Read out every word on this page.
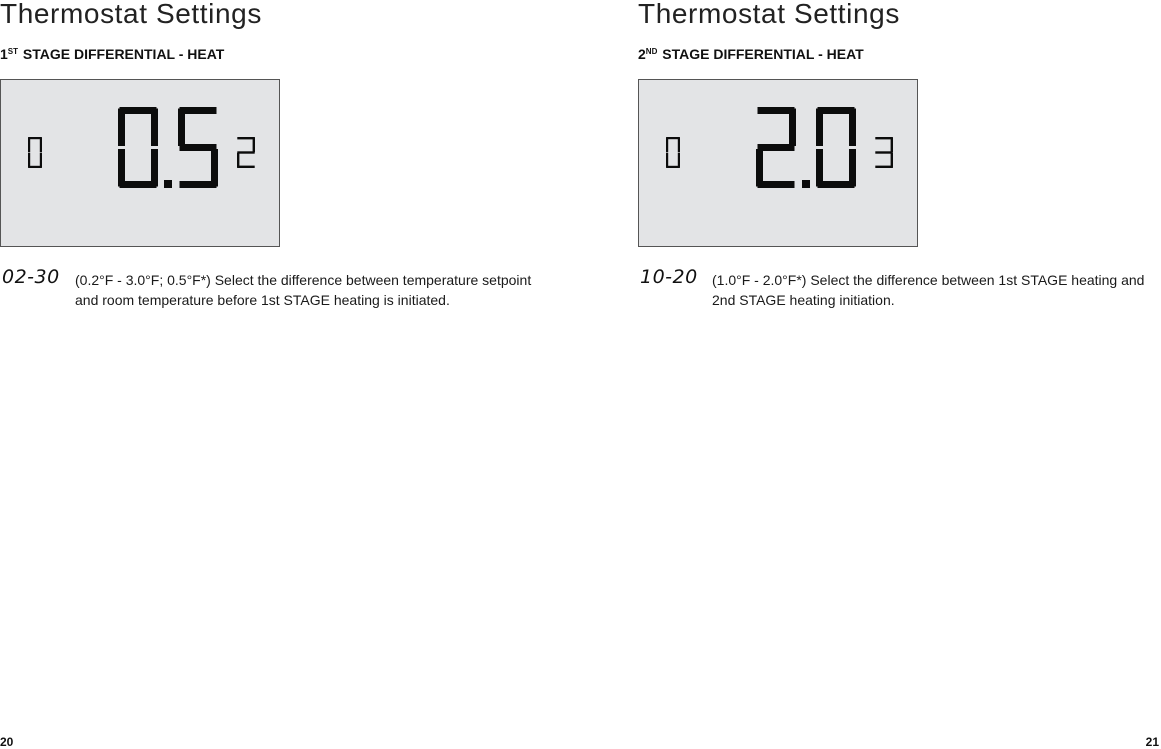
Thermostat Settings
1ST STAGE DIFFERENTIAL - HEAT
02-30 (0.2°F - 3.0°F; 0.5°F*) Select the difference between temperature setpoint and room temperature before 1st STAGE heating is initiated.
20
Thermostat Settings
2ND STAGE DIFFERENTIAL - HEAT
10-20 (1.0°F - 2.0°F*) Select the difference between 1st STAGE heating and 2nd STAGE heating initiation.
21
